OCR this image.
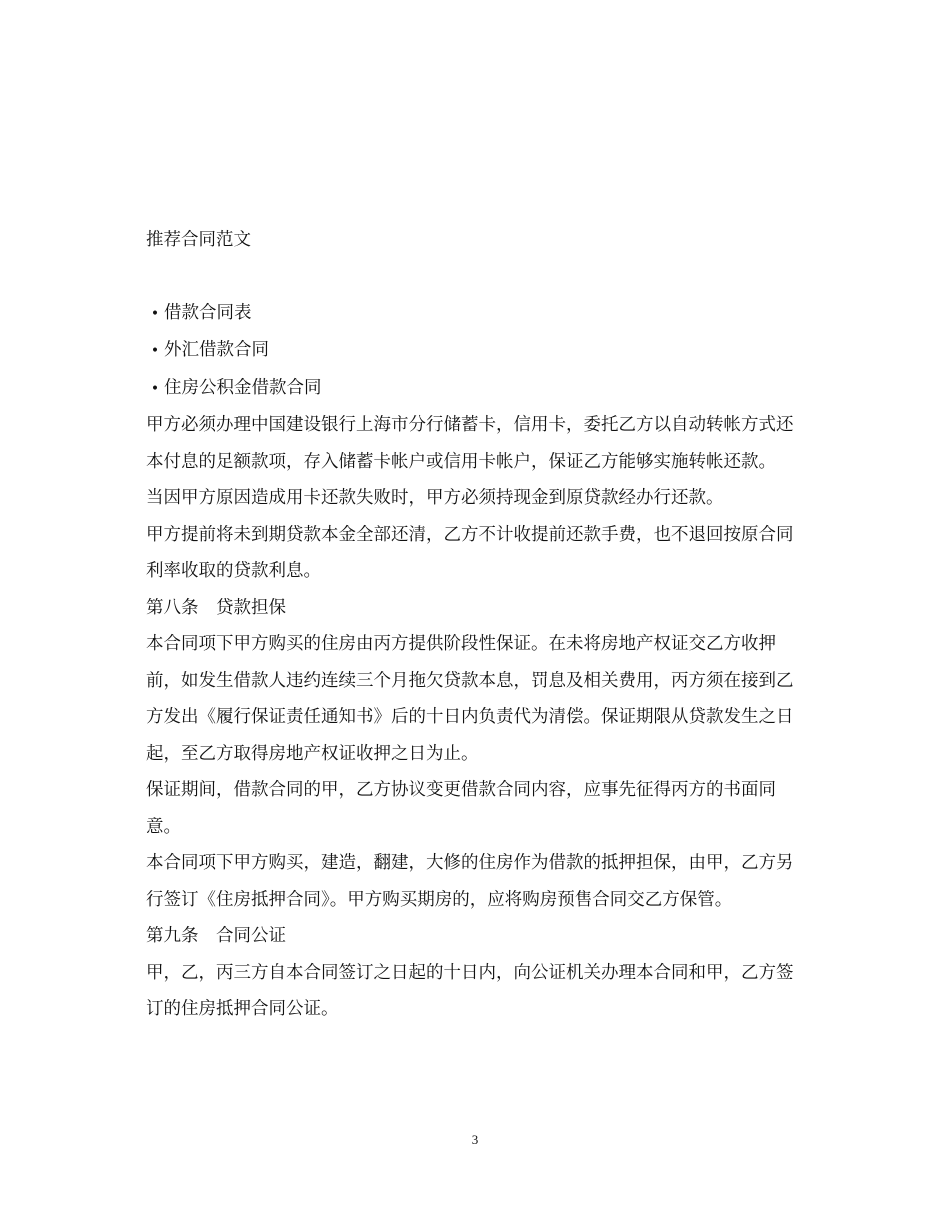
推荐合同范文

• 借款合同表
• 外汇借款合同
• 住房公积金借款合同

甲方必须办理中国建设银行上海市分行储蓄卡，信用卡，委托乙方以自动转帐方式还本付息的足额款项，存入储蓄卡帐户或信用卡帐户，保证乙方能够实施转帐还款。

当因甲方原因造成用卡还款失败时，甲方必须持现金到原贷款经办行还款。

甲方提前将未到期贷款本金全部还清，乙方不计收提前还款手费，也不退回按原合同利率收取的贷款利息。

第八条　贷款担保

本合同项下甲方购买的住房由丙方提供阶段性保证。在未将房地产权证交乙方收押前，如发生借款人违约连续三个月拖欠贷款本息，罚息及相关费用，丙方须在接到乙方发出《履行保证责任通知书》后的十日内负责代为清偿。保证期限从贷款发生之日起，至乙方取得房地产权证收押之日为止。

保证期间，借款合同的甲，乙方协议变更借款合同内容，应事先征得丙方的书面同意。

本合同项下甲方购买，建造，翻建，大修的住房作为借款的抵押担保，由甲，乙方另行签订《住房抵押合同》。甲方购买期房的，应将购房预售合同交乙方保管。

第九条　合同公证

甲，乙，丙三方自本合同签订之日起的十日内，向公证机关办理本合同和甲，乙方签订的住房抵押合同公证。

3
